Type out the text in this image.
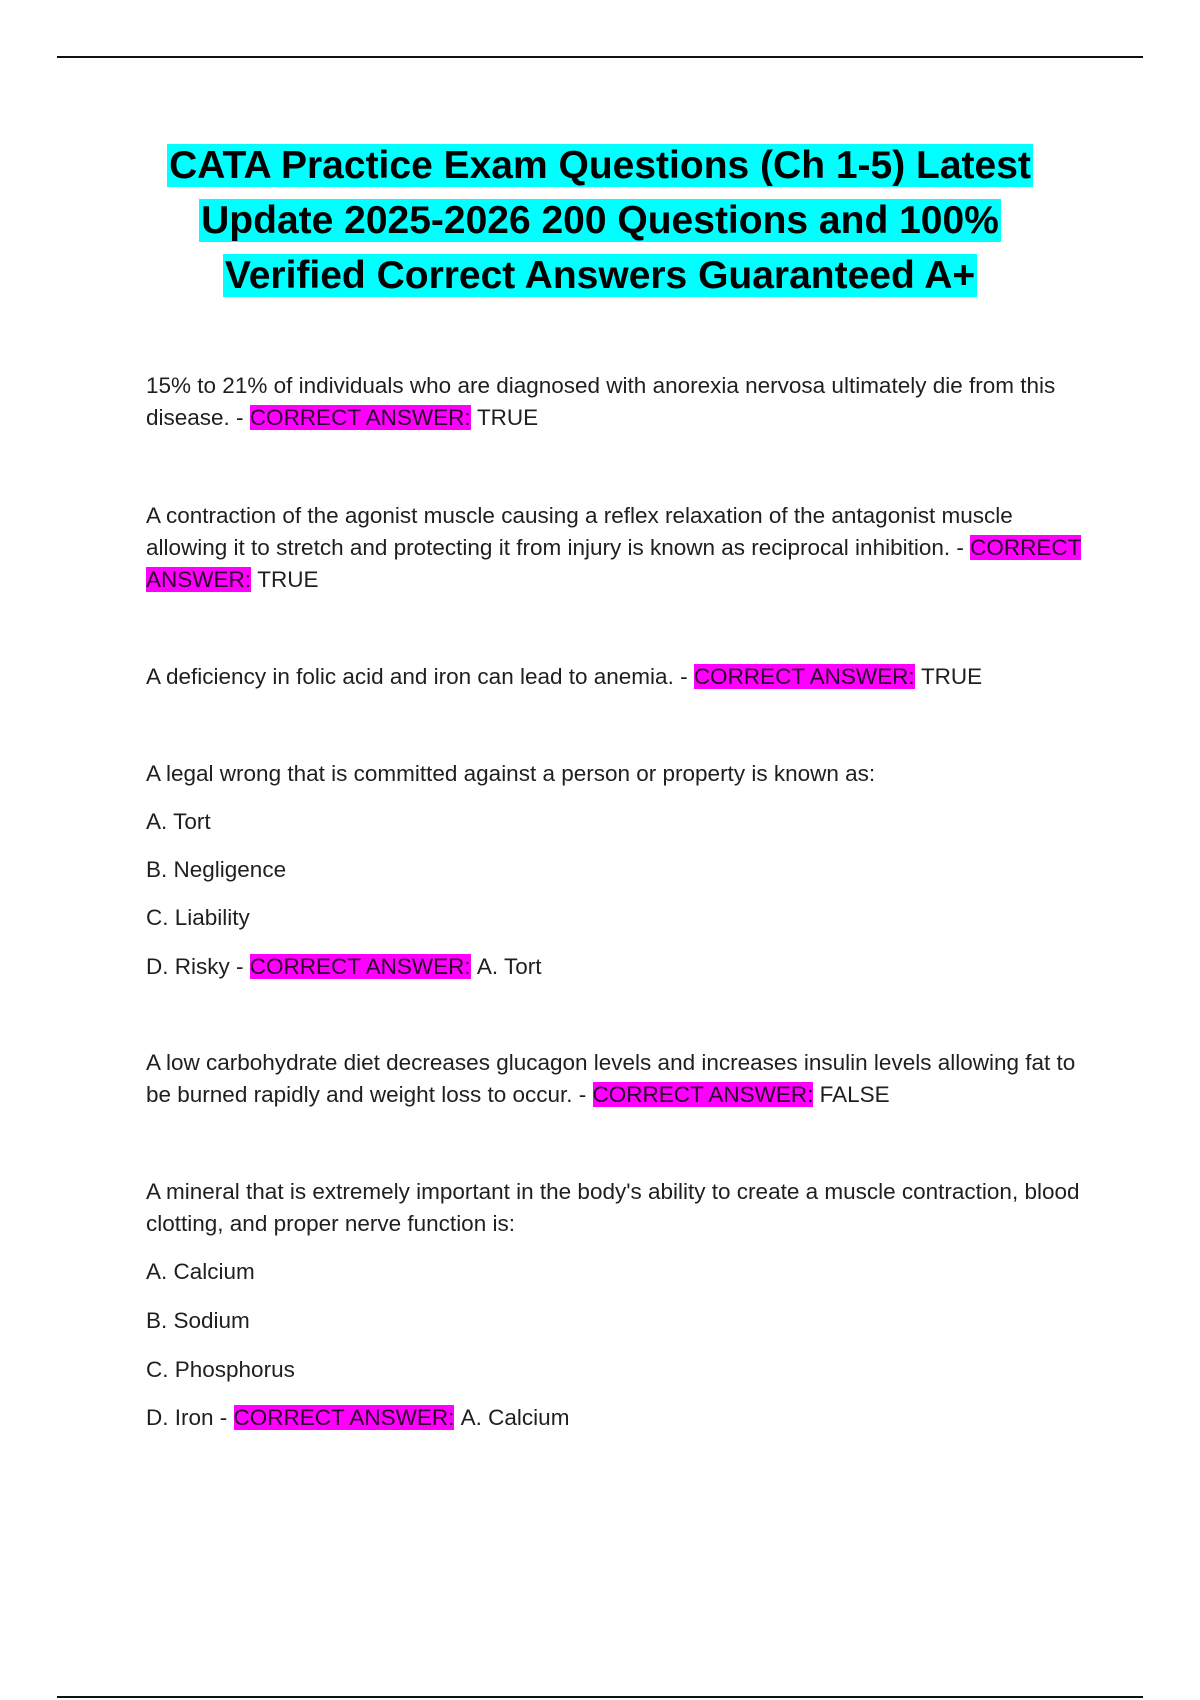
CATA Practice Exam Questions (Ch 1-5) Latest
Update 2025-2026 200 Questions and 100%
Verified Correct Answers Guaranteed A+

15% to 21% of individuals who are diagnosed with anorexia nervosa ultimately die from this disease. - CORRECT ANSWER: TRUE

A contraction of the agonist muscle causing a reflex relaxation of the antagonist muscle allowing it to stretch and protecting it from injury is known as reciprocal inhibition. - CORRECT ANSWER: TRUE

A deficiency in folic acid and iron can lead to anemia. - CORRECT ANSWER: TRUE

A legal wrong that is committed against a person or property is known as:

A. Tort
B. Negligence
C. Liability
D. Risky - CORRECT ANSWER: A. Tort

A low carbohydrate diet decreases glucagon levels and increases insulin levels allowing fat to be burned rapidly and weight loss to occur. - CORRECT ANSWER: FALSE

A mineral that is extremely important in the body's ability to create a muscle contraction, blood clotting, and proper nerve function is:

A. Calcium
B. Sodium
C. Phosphorus
D. Iron - CORRECT ANSWER: A. Calcium
